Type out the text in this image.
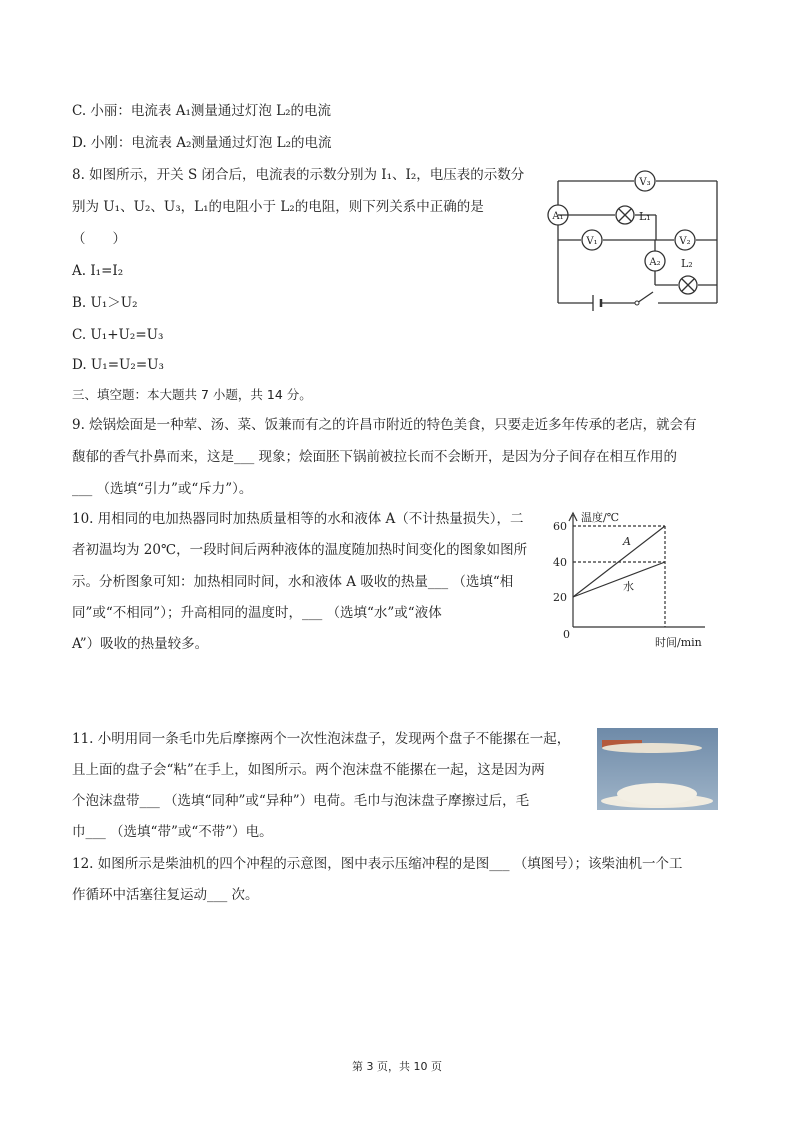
C. 小丽：电流表 A₁测量通过灯泡 L₂的电流
D. 小刚：电流表 A₂测量通过灯泡 L₂的电流
8. 如图所示，开关 S 闭合后，电流表的示数分别为 I₁、I₂，电压表的示数分
别为 U₁、U₂、U₃，L₁的电阻小于 L₂的电阻，则下列关系中正确的是
（　　）
A. I₁=I₂
B. U₁＞U₂
C. U₁+U₂=U₃
D. U₁=U₂=U₃
三、填空题：本大题共 7 小题，共 14 分。
9. 烩锅烩面是一种荤、汤、菜、饭兼而有之的许昌市附近的特色美食，只要走近多年传承的老店，就会有
馥郁的香气扑鼻而来，这是___ 现象；烩面胚下锅前被拉长而不会断开，是因为分子间存在相互作用的
___ （选填“引力”或“斥力”）。
10. 用相同的电加热器同时加热质量相等的水和液体 A（不计热量损失），二
者初温均为 20℃，一段时间后两种液体的温度随加热时间变化的图象如图所
示。分析图象可知：加热相同时间，水和液体 A 吸收的热量___ （选填“相
同”或“不相同”）；升高相同的温度时，___ （选填“水”或“液体
A”）吸收的热量较多。
11. 小明用同一条毛巾先后摩擦两个一次性泡沫盘子，发现两个盘子不能摞在一起，
且上面的盘子会“粘”在手上，如图所示。两个泡沫盘不能摞在一起，这是因为两
个泡沫盘带___ （选填“同种”或“异种”）电荷。毛巾与泡沫盘子摩擦过后，毛
巾___ （选填“带”或“不带”）电。
12. 如图所示是柴油机的四个冲程的示意图，图中表示压缩冲程的是图___ （填图号）；该柴油机一个工
作循环中活塞往复运动___ 次。
V₃
A₁
V₁	V₂
A₂
L₁
L₂
温度/℃
60
40
20
0
时间/min
A
水
第 3 页，共 10 页
